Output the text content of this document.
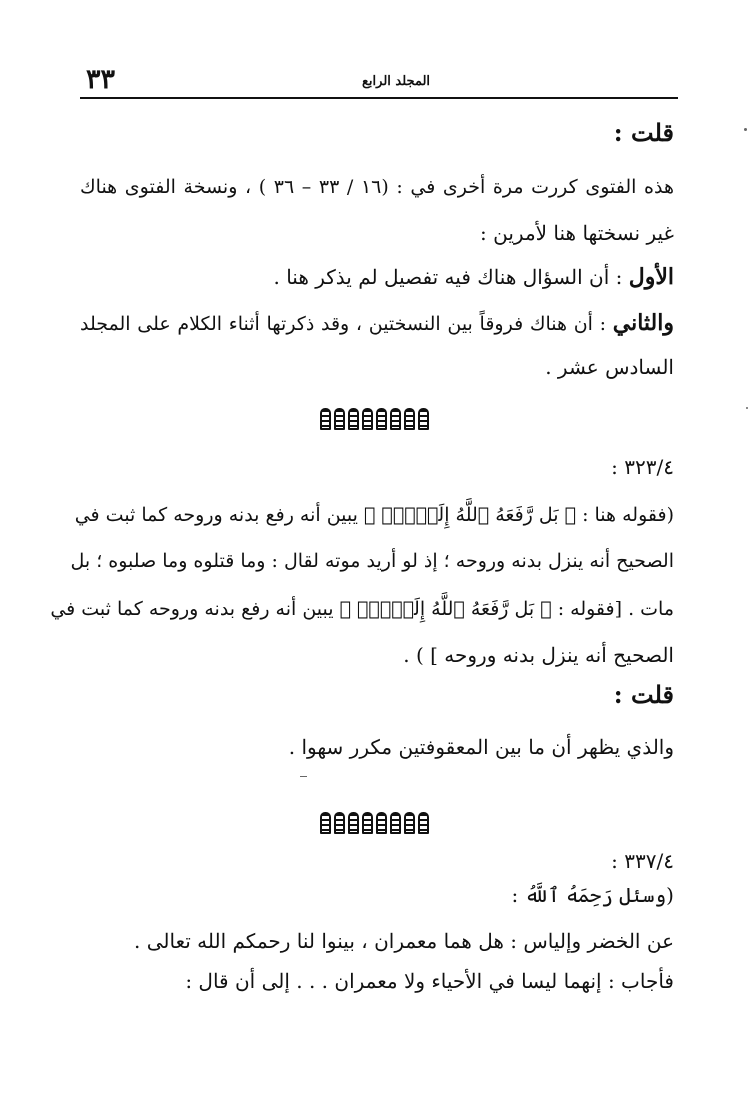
٣٣	المجلد الرابع
قلت :
هذه الفتوى كررت مرة أخرى في : (١٦ / ٣٣ – ٣٦ ) ، ونسخة الفتوى هناك
غير نسختها هنا لأمرين :
الأول : أن السؤال هناك فيه تفصيل لم يذكر هنا .
والثاني : أن هناك فروقاً بين النسختين ، وقد ذكرتها أثناء الكلام على المجلد
السادس عشر .
٣٢٣/٤ :
(فقوله هنا : ﴿ بَل رَّفَعَهُ ٱللَّهُ إِلَيۡهِۚ ﴾ يبين أنه رفع بدنه وروحه كما ثبت في
الصحيح أنه ينزل بدنه وروحه ؛ إذ لو أريد موته لقال : وما قتلوه وما صلبوه ؛ بل
مات . [فقوله : ﴿ بَل رَّفَعَهُ ٱللَّهُ إِلَيۡهِۚ ﴾ يبين أنه رفع بدنه وروحه كما ثبت في
الصحيح أنه ينزل بدنه وروحه ] ) .
قلت :
والذي يظهر أن ما بين المعقوفتين مكرر سهوا .
٣٣٧/٤ :
(وسئل رَحِمَهُ ٱللَّهُ :
عن الخضر وإلياس : هل هما معمران ، بينوا لنا رحمكم الله تعالى .
فأجاب : إنهما ليسا في الأحياء ولا معمران . . . إلى أن قال :
